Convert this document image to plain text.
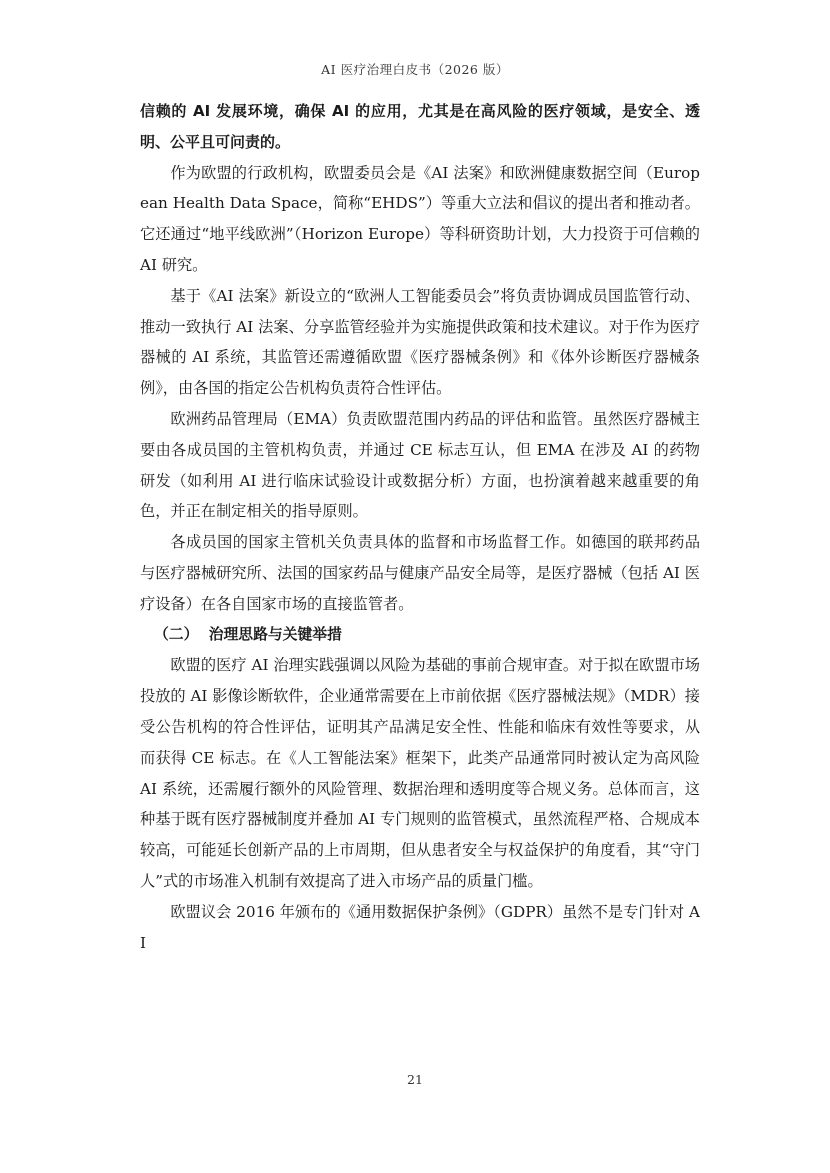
AI 医疗治理白皮书（2026 版）

信赖的 AI 发展环境，确保 AI 的应用，尤其是在高风险的医疗领域，是安全、透明、公平且可问责的。

作为欧盟的行政机构，欧盟委员会是《AI 法案》和欧洲健康数据空间（European Health Data Space，简称“EHDS”）等重大立法和倡议的提出者和推动者。它还通过“地平线欧洲”（Horizon Europe）等科研资助计划，大力投资于可信赖的 AI 研究。

基于《AI 法案》新设立的“欧洲人工智能委员会”将负责协调成员国监管行动、推动一致执行 AI 法案、分享监管经验并为实施提供政策和技术建议。对于作为医疗器械的 AI 系统，其监管还需遵循欧盟《医疗器械条例》和《体外诊断医疗器械条例》，由各国的指定公告机构负责符合性评估。

欧洲药品管理局（EMA）负责欧盟范围内药品的评估和监管。虽然医疗器械主要由各成员国的主管机构负责，并通过 CE 标志互认，但 EMA 在涉及 AI 的药物研发（如利用 AI 进行临床试验设计或数据分析）方面，也扮演着越来越重要的角色，并正在制定相关的指导原则。

各成员国的国家主管机关负责具体的监督和市场监督工作。如德国的联邦药品与医疗器械研究所、法国的国家药品与健康产品安全局等，是医疗器械（包括 AI 医疗设备）在各自国家市场的直接监管者。

（二）  治理思路与关键举措

欧盟的医疗 AI 治理实践强调以风险为基础的事前合规审查。对于拟在欧盟市场投放的 AI 影像诊断软件，企业通常需要在上市前依据《医疗器械法规》（MDR）接受公告机构的符合性评估，证明其产品满足安全性、性能和临床有效性等要求，从而获得 CE 标志。在《人工智能法案》框架下，此类产品通常同时被认定为高风险 AI 系统，还需履行额外的风险管理、数据治理和透明度等合规义务。总体而言，这种基于既有医疗器械制度并叠加 AI 专门规则的监管模式，虽然流程严格、合规成本较高，可能延长创新产品的上市周期，但从患者安全与权益保护的角度看，其“守门人”式的市场准入机制有效提高了进入市场产品的质量门槛。

欧盟议会 2016 年颁布的《通用数据保护条例》（GDPR）虽然不是专门针对 AI

21
